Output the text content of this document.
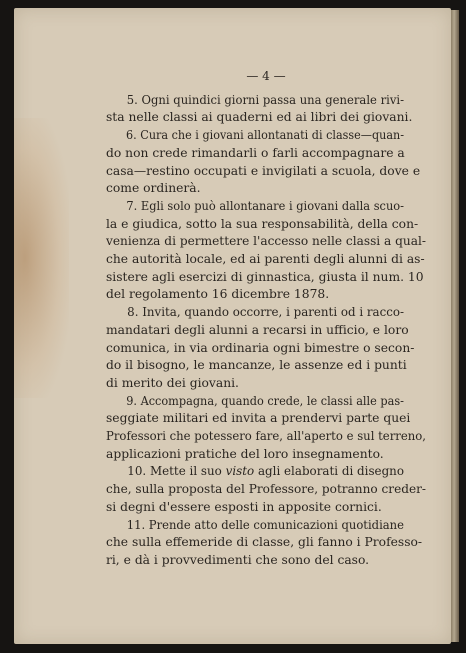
— 4 —

5. Ogni quindici giorni passa una generale rivi-
sta nelle classi ai quaderni ed ai libri dei giovani.
6. Cura che i giovani allontanati di classe—quan-
do non crede rimandarli o farli accompagnare a
casa—restino occupati e invigilati a scuola, dove e
come ordinerà.
7. Egli solo può allontanare i giovani dalla scuo-
la e giudica, sotto la sua responsabilità, della con-
venienza di permettere l'accesso nelle classi a qual-
che autorità locale, ed ai parenti degli alunni di as-
sistere agli esercizi di ginnastica, giusta il num. 10
del regolamento 16 dicembre 1878.
8. Invita, quando occorre, i parenti od i racco-
mandatari degli alunni a recarsi in ufficio, e loro
comunica, in via ordinaria ogni bimestre o secon-
do il bisogno, le mancanze, le assenze ed i punti
di merito dei giovani.
9. Accompagna, quando crede, le classi alle pas-
seggiate militari ed invita a prendervi parte quei
Professori che potessero fare, all'aperto e sul terreno,
applicazioni pratiche del loro insegnamento.
10. Mette il suo visto agli elaborati di disegno
che, sulla proposta del Professore, potranno creder-
si degni d'essere esposti in apposite cornici.
11. Prende atto delle comunicazioni quotidiane
che sulla effemeride di classe, gli fanno i Professo-
ri, e dà i provvedimenti che sono del caso.
